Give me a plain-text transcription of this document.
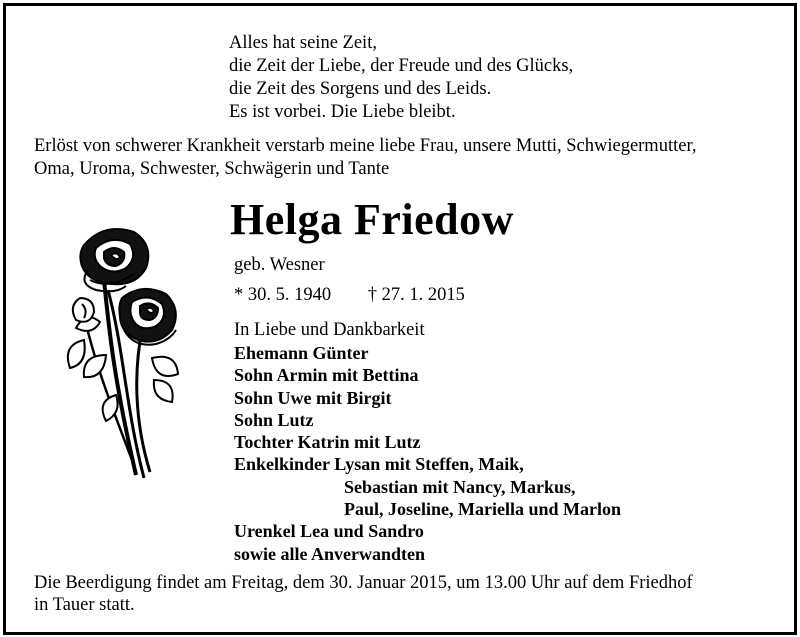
Alles hat seine Zeit,
die Zeit der Liebe, der Freude und des Glücks,
die Zeit des Sorgens und des Leids.
Es ist vorbei. Die Liebe bleibt.
Erlöst von schwerer Krankheit verstarb meine liebe Frau, unsere Mutti, Schwiegermutter,
Oma, Uroma, Schwester, Schwägerin und Tante
Helga Friedow
geb. Wesner
* 30. 5. 1940 † 27. 1. 2015
In Liebe und Dankbarkeit
Ehemann Günter
Sohn Armin mit Bettina
Sohn Uwe mit Birgit
Sohn Lutz
Tochter Katrin mit Lutz
Enkelkinder Lysan mit Steffen, Maik,
Sebastian mit Nancy, Markus,
Paul, Joseline, Mariella und Marlon
Urenkel Lea und Sandro
sowie alle Anverwandten
Die Beerdigung findet am Freitag, dem 30. Januar 2015, um 13.00 Uhr auf dem Friedhof
in Tauer statt.
